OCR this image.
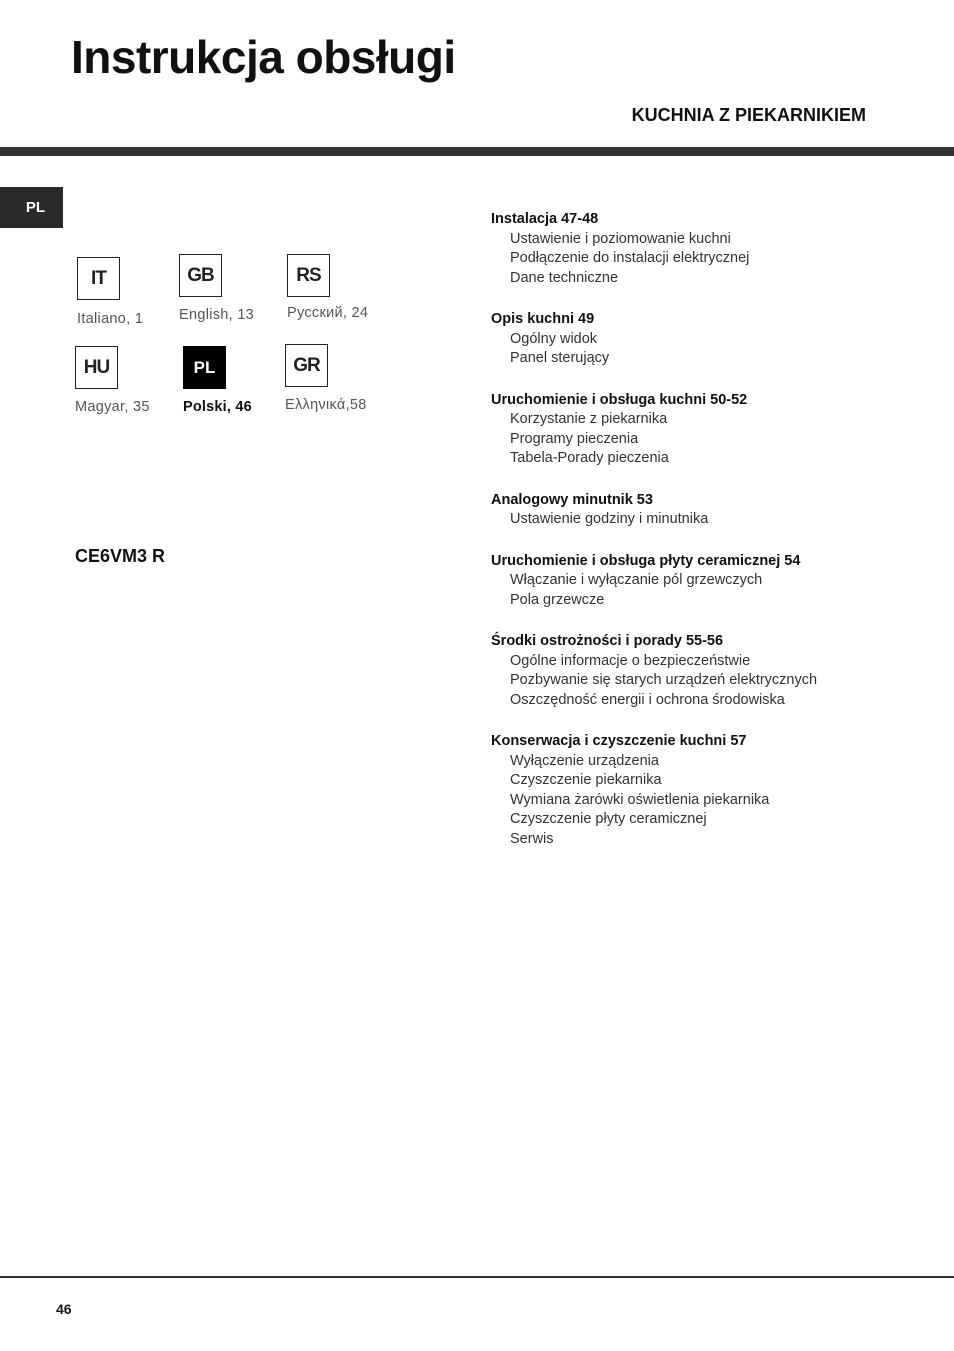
Instrukcja obsługi
KUCHNIA Z PIEKARNIKIEM
PL
IT
Italiano, 1
GB
English, 13
RS
Русский, 24
HU
Magyar, 35
PL
Polski, 46
GR
Ελληνικά,58
CE6VM3 R
Instalacja 47-48
Ustawienie i poziomowanie kuchni
Podłączenie do instalacji elektrycznej
Dane techniczne
Opis kuchni 49
Ogólny widok
Panel sterujący
Uruchomienie i obsługa kuchni 50-52
Korzystanie z piekarnika
Programy pieczenia
Tabela-Porady pieczenia
Analogowy minutnik 53
Ustawienie godziny i minutnika
Uruchomienie i obsługa płyty ceramicznej 54
Włączanie i wyłączanie pól grzewczych
Pola grzewcze
Środki ostrożności i porady 55-56
Ogólne informacje o bezpieczeństwie
Pozbywanie się starych urządzeń elektrycznych
Oszczędność energii i ochrona środowiska
Konserwacja i czyszczenie kuchni 57
Wyłączenie urządzenia
Czyszczenie piekarnika
Wymiana żarówki oświetlenia piekarnika
Czyszczenie płyty ceramicznej
Serwis
46
